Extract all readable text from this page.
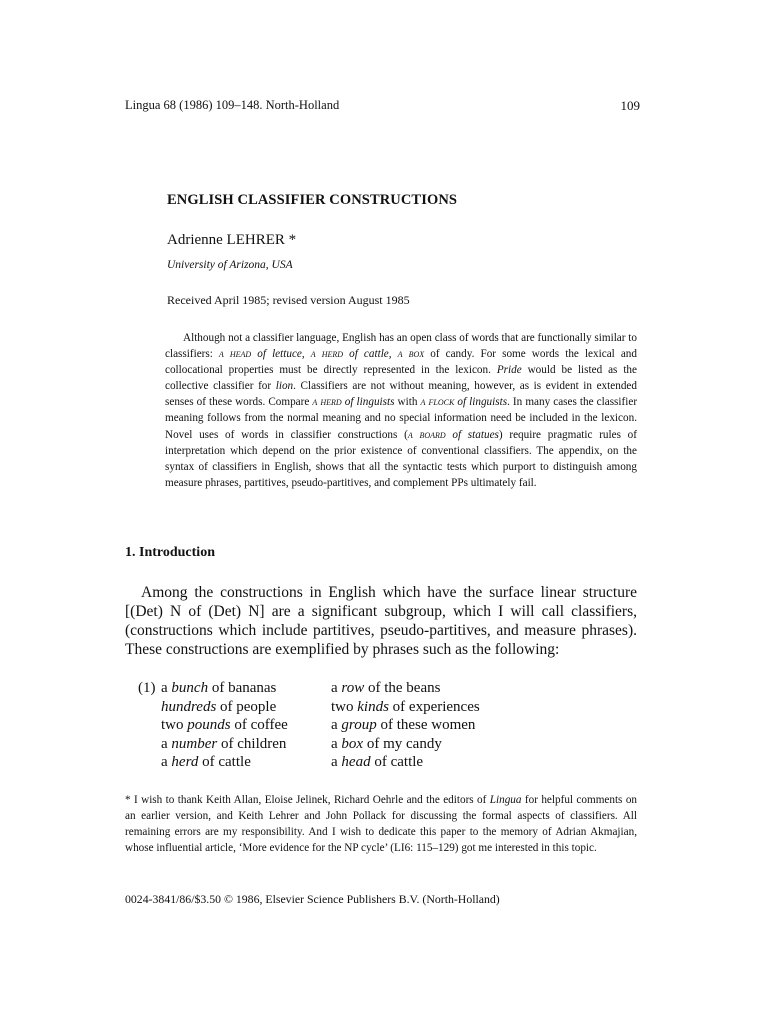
Lingua 68 (1986) 109–148. North-Holland	109
ENGLISH CLASSIFIER CONSTRUCTIONS
Adrienne LEHRER *
University of Arizona, USA
Received April 1985; revised version August 1985

Although not a classifier language, English has an open class of words that are functionally similar to classifiers: a head of lettuce, a herd of cattle, a box of candy. For some words the lexical and collocational properties must be directly represented in the lexicon. Pride would be listed as the collective classifier for lion. Classifiers are not without meaning, however, as is evident in extended senses of these words. Compare a herd of linguists with a flock of linguists. In many cases the classifier meaning follows from the normal meaning and no special information need be included in the lexicon. Novel uses of words in classifier constructions (a board of statues) require pragmatic rules of interpretation which depend on the prior existence of conventional classifiers. The appendix, on the syntax of classifiers in English, shows that all the syntactic tests which purport to distinguish among measure phrases, partitives, pseudo-partitives, and complement PPs ultimately fail.

1. Introduction

Among the constructions in English which have the surface linear structure [(Det) N of (Det) N] are a significant subgroup, which I will call classifiers, (constructions which include partitives, pseudo-partitives, and measure phrases). These constructions are exemplified by phrases such as the following:

(1) a bunch of bananas
hundreds of people
two pounds of coffee
a number of children
a herd of cattle
a row of the beans
two kinds of experiences
a group of these women
a box of my candy
a head of cattle

* I wish to thank Keith Allan, Eloise Jelinek, Richard Oehrle and the editors of Lingua for helpful comments on an earlier version, and Keith Lehrer and John Pollack for discussing the formal aspects of classifiers. All remaining errors are my responsibility. And I wish to dedicate this paper to the memory of Adrian Akmajian, whose influential article, ‘More evidence for the NP cycle’ (LI6: 115–129) got me interested in this topic.

0024-3841/86/$3.50 © 1986, Elsevier Science Publishers B.V. (North-Holland)
